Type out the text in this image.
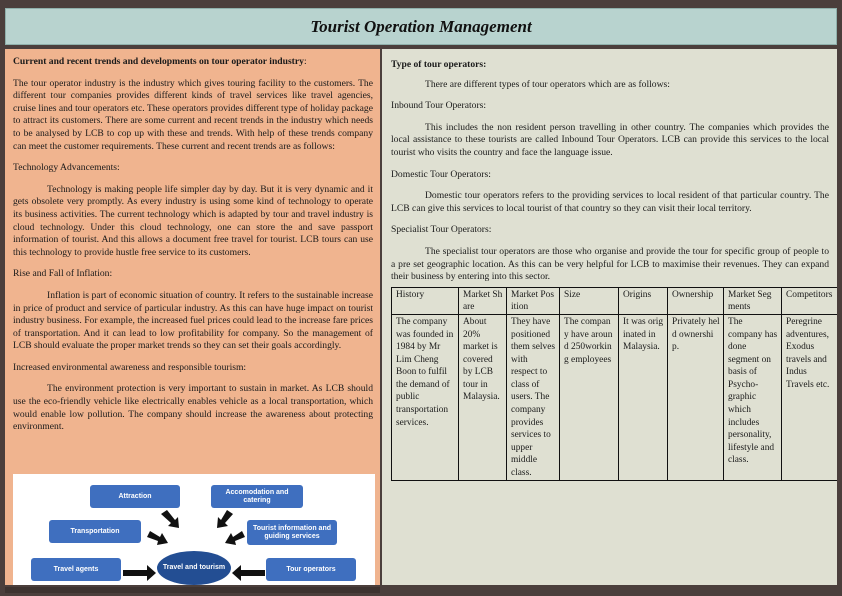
Tourist Operation Management

Current and recent trends and developments on tour operator industry:

The tour operator industry is the industry which gives touring facility to the customers. The different tour companies provides different kinds of travel services like travel agencies, cruise lines and tour operators etc. These operators provides different type of holiday package to attract its customers. There are some current and recent trends in the industry which needs to be analysed by LCB to cop up with these and trends. With help of these trends company can meet the customer requirements. These current and recent trends are as follows:

Technology Advancements:

Technology is making people life simpler day by day. But it is very dynamic and it gets obsolete very promptly. As every industry is using some kind of technology to operate its business activities. The current technology which is adapted by tour and travel industry is cloud technology. Under this cloud technology, one can store the and save passport information of tourist. And this allows a document free travel for tourist. LCB tours can use this technology to provide hustle free service to its customers.

Rise and Fall of Inflation:

Inflation is part of economic situation of country. It refers to the sustainable increase in price of product and service of particular industry. As this can have huge impact on tourist industry business. For example, the increased fuel prices could lead to the increase fare prices of transportation. And it can lead to low profitability for company. So the management of LCB should evaluate the proper market trends so they can set their goals accordingly.

Increased environmental awareness and responsible tourism:

The environment protection is very important to sustain in market. As LCB should use the eco-friendly vehicle like electrically enables vehicle as a local transportation, which would enable low pollution. The company should increase the awareness about protecting environment.

Attraction
Accomodation and catering
Transportation	Tourist information and guiding services
Travel agents	Tour operators
Travel and tourism

Type of tour operators:

There are different types of tour operators which are as follows:

Inbound Tour Operators:

This includes the non resident person travelling in other country. The companies which provides the local assistance to these tourists are called Inbound Tour Operators. LCB can provide this services to the local tourist who visits the country and face the language issue.

Domestic Tour Operators:

Domestic tour operators refers to the providing services to local resident of that particular country. The LCB can give this services to local tourist of that country so they can visit their local territory.

Specialist Tour Operators:

The specialist tour operators are those who organise and provide the tour for specific group of people to a pre set geographic location. As this can be very helpful for LCB to maximise their revenues. They can expand their business by entering into this sector.

History	Market Share	Market Position	Size	Origins	Ownership	Market Segments	Competitors
The company was founded in 1984 by Mr Lim Cheng Boon to fulfil the demand of public transportation services.	About 20% market is covered by LCB tour in Malaysia.	They have positioned them selves with respect to class of users. The company provides services to upper middle class.	The company have around 250working employees	It was originated in Malaysia.	Privately held ownership.	The company has done segment on basis of Psycho-graphic which includes personality, lifestyle and class.	Peregrine adventures, Exodus travels and Indus Travels etc.
